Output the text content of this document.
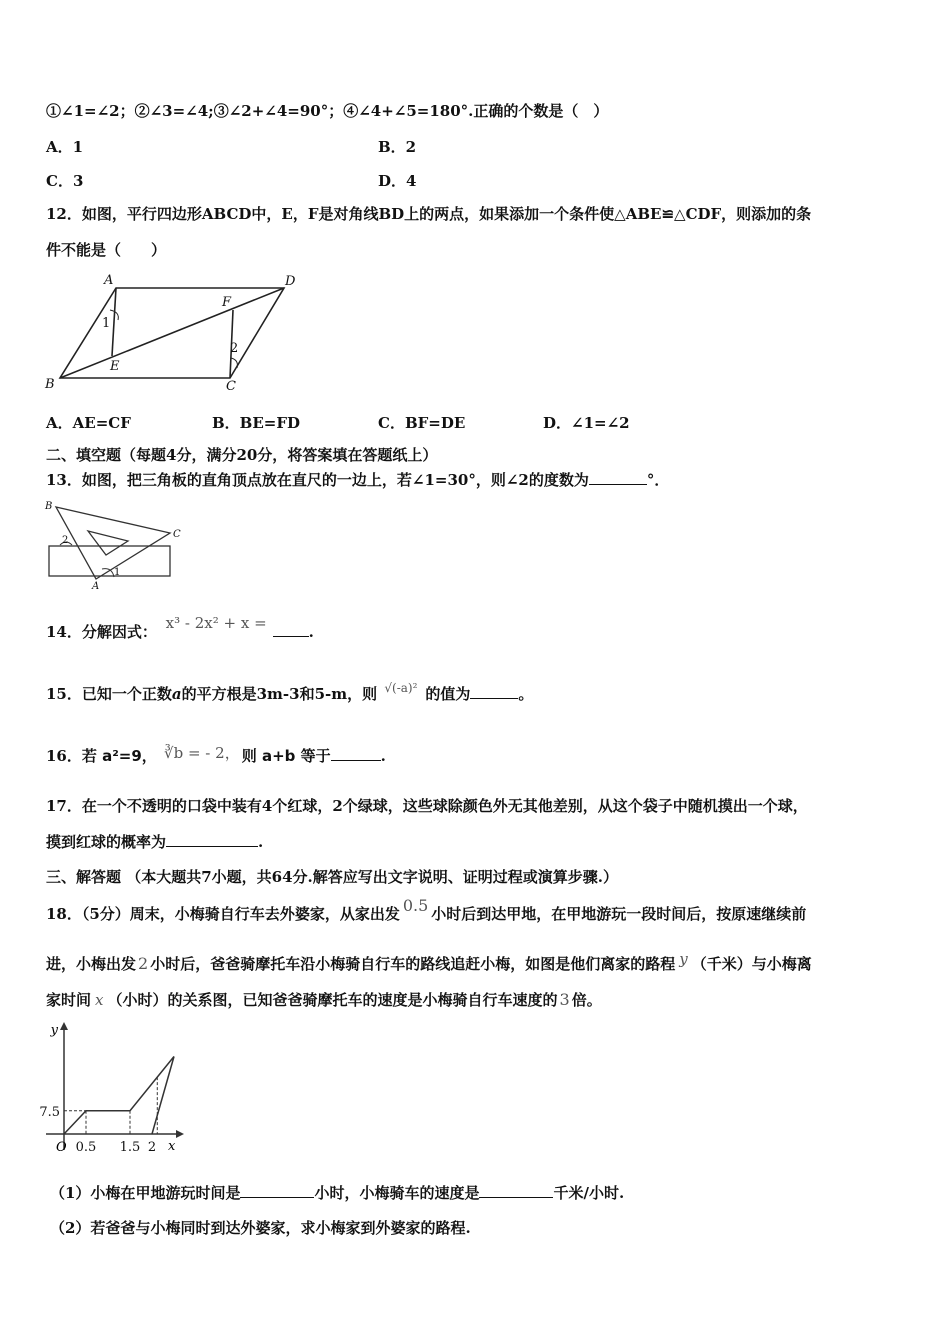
①∠1=∠2；②∠3=∠4;③∠2+∠4=90°；④∠4+∠5=180°.正确的个数是（　）
A．1	B．2
C．3	D．4
12．如图，平行四边形ABCD中，E，F是对角线BD上的两点，如果添加一个条件使△ABE≌△CDF，则添加的条
件不能是（　　）
A	D
B	C
E
F
1
2
A．AE=CF	B．BE=FD	C．BF=DE	D．∠1=∠2
二、填空题（每题4分，满分20分，将答案填在答题纸上）
13．如图，把三角板的直角顶点放在直尺的一边上，若∠1=30°，则∠2的度数为	°．
B
C
A
1
2
14．分解因式： x³ - 2x² + x =	.
15．已知一个正数a的平方根是3m-3和5-m，则 $^{√(-a)^2}$ 的值为	。
16．若 a²=9， ∛b = - 2， 则 a+b 等于	.
17．在一个不透明的口袋中装有4个红球，2个绿球，这些球除颜色外无其他差别，从这个袋子中随机摸出一个球，
摸到红球的概率为	.
三、解答题 （本大题共7小题，共64分.解答应写出文字说明、证明过程或演算步骤.）
18．（5分）周末，小梅骑自行车去外婆家，从家出发 0.5 小时后到达甲地，在甲地游玩一段时间后，按原速继续前
进，小梅出发 2 小时后，爸爸骑摩托车沿小梅骑自行车的路线追赶小梅，如图是他们离家的路程 y （千米）与小梅离
家时间 x （小时）的关系图，已知爸爸骑摩托车的速度是小梅骑自行车速度的 3 倍。
0.5 1.5 2
7.5
y
x
O
（1）小梅在甲地游玩时间是	小时，小梅骑车的速度是	千米/小时.
（2）若爸爸与小梅同时到达外婆家，求小梅家到外婆家的路程.
